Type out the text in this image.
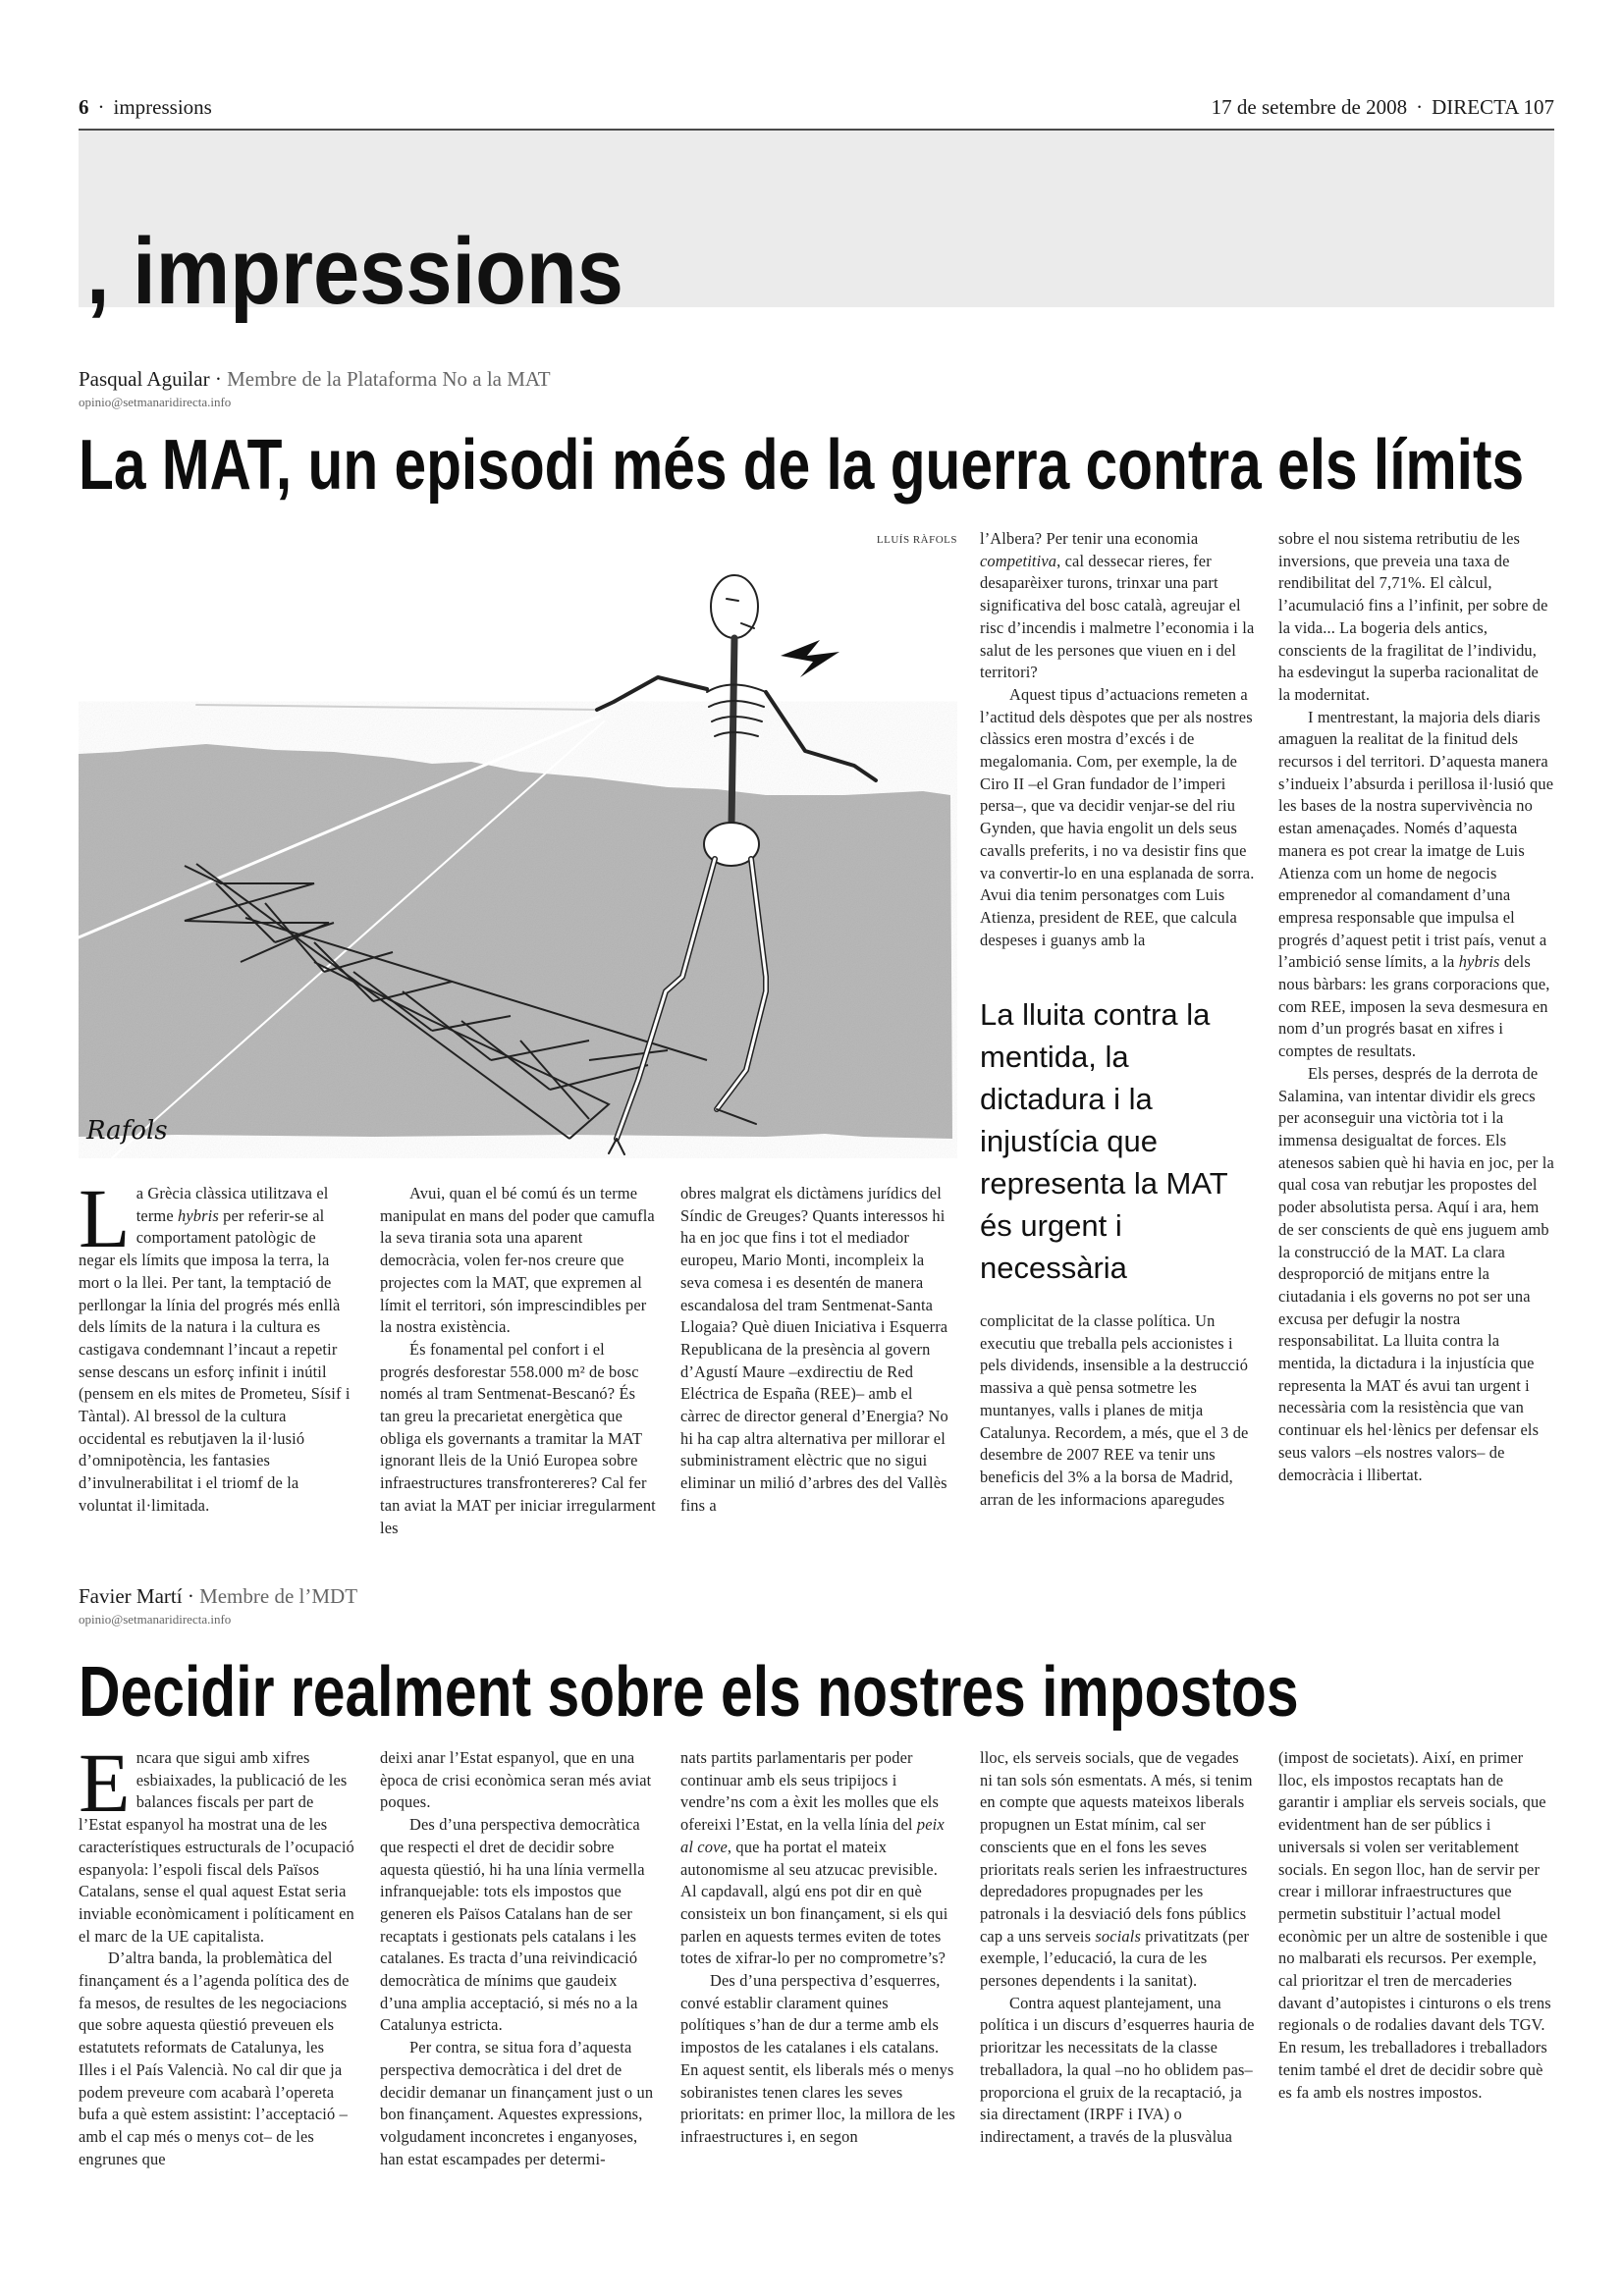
6 · impressions	17 de setembre de 2008 · DIRECTA 107
, impressions
Pasqual Aguilar · Membre de la Plataforma No a la MAT
opinio@setmanaridirecta.info
La MAT, un episodi més de la guerra contra els límits
LLUÍS RÀFOLS
Rafols

La Grècia clàssica utilitzava el terme hybris per referir-se al comportament patològic de negar els límits que imposa la terra, la mort o la llei. Per tant, la temptació de perllongar la línia del progrés més enllà dels límits de la natura i la cultura es castigava condemnant l’incaut a repetir sense descans un esforç infinit i inútil (pensem en els mites de Prometeu, Sísif i Tàntal). Al bressol de la cultura occidental es rebutjaven la il·lusió d’omnipotència, les fantasies d’invulnerabilitat i el triomf de la voluntat il·limitada.

Avui, quan el bé comú és un terme manipulat en mans del poder que camufla la seva tirania sota una aparent democràcia, volen fer-nos creure que projectes com la MAT, que expremen al límit el territori, són imprescindibles per la nostra existència.

És fonamental pel confort i el progrés desforestar 558.000 m² de bosc només al tram Sentmenat-Bescanó? És tan greu la precarietat energètica que obliga els governants a tramitar la MAT ignorant lleis de la Unió Europea sobre infraestructures transfrontereres? Cal fer tan aviat la MAT per iniciar irregularment les

obres malgrat els dictàmens jurídics del Síndic de Greuges? Quants interessos hi ha en joc que fins i tot el mediador europeu, Mario Monti, incompleix la seva comesa i es desentén de manera escandalosa del tram Sentmenat-Santa Llogaia? Què diuen Iniciativa i Esquerra Republicana de la presència al govern d’Agustí Maure –exdirectiu de Red Eléctrica de España (REE)– amb el càrrec de director general d’Energia? No hi ha cap altra alternativa per millorar el subministrament elèctric que no sigui eliminar un milió d’arbres des del Vallès fins a

l’Albera? Per tenir una economia competitiva, cal dessecar rieres, fer desaparèixer turons, trinxar una part significativa del bosc català, agreujar el risc d’incendis i malmetre l’economia i la salut de les persones que viuen en i del territori?

Aquest tipus d’actuacions remeten a l’actitud dels dèspotes que per als nostres clàssics eren mostra d’excés i de megalomania. Com, per exemple, la de Ciro II –el Gran fundador de l’imperi persa–, que va decidir venjar-se del riu Gynden, que havia engolit un dels seus cavalls preferits, i no va desistir fins que va convertir-lo en una esplanada de sorra. Avui dia tenim personatges com Luis Atienza, president de REE, que calcula despeses i guanys amb la

La lluita contra la mentida, la dictadura i la injustícia que representa la MAT és urgent i necessària

complicitat de la classe política. Un executiu que treballa pels accionistes i pels dividends, insensible a la destrucció massiva a què pensa sotmetre les muntanyes, valls i planes de mitja Catalunya. Recordem, a més, que el 3 de desembre de 2007 REE va tenir uns beneficis del 3% a la borsa de Madrid, arran de les informacions aparegudes

sobre el nou sistema retributiu de les inversions, que preveia una taxa de rendibilitat del 7,71%. El càlcul, l’acumulació fins a l’infinit, per sobre de la vida... La bogeria dels antics, conscients de la fragilitat de l’individu, ha esdevingut la superba racionalitat de la modernitat.

I mentrestant, la majoria dels diaris amaguen la realitat de la finitud dels recursos i del territori. D’aquesta manera s’indueix l’absurda i perillosa il·lusió que les bases de la nostra supervivència no estan amenaçades. Només d’aquesta manera es pot crear la imatge de Luis Atienza com un home de negocis emprenedor al comandament d’una empresa responsable que impulsa el progrés d’aquest petit i trist país, venut a l’ambició sense límits, a la hybris dels nous bàrbars: les grans corporacions que, com REE, imposen la seva desmesura en nom d’un progrés basat en xifres i comptes de resultats.

Els perses, després de la derrota de Salamina, van intentar dividir els grecs per aconseguir una victòria tot i la immensa desigualtat de forces. Els atenesos sabien què hi havia en joc, per la qual cosa van rebutjar les propostes del poder absolutista persa. Aquí i ara, hem de ser conscients de què ens juguem amb la construcció de la MAT. La clara desproporció de mitjans entre la ciutadania i els governs no pot ser una excusa per defugir la nostra responsabilitat. La lluita contra la mentida, la dictadura i la injustícia que representa la MAT és avui tan urgent i necessària com la resistència que van continuar els hel·lènics per defensar els seus valors –els nostres valors– de democràcia i llibertat.

Favier Martí · Membre de l’MDT
opinio@setmanaridirecta.info
Decidir realment sobre els nostres impostos

Encara que sigui amb xifres esbiaixades, la publicació de les balances fiscals per part de l’Estat espanyol ha mostrat una de les característiques estructurals de l’ocupació espanyola: l’espoli fiscal dels Països Catalans, sense el qual aquest Estat seria inviable econòmicament i políticament en el marc de la UE capitalista.

D’altra banda, la problemàtica del finançament és a l’agenda política des de fa mesos, de resultes de les negociacions que sobre aquesta qüestió preveuen els estatutets reformats de Catalunya, les Illes i el País Valencià. No cal dir que ja podem preveure com acabarà l’opereta bufa a què estem assistint: l’acceptació –amb el cap més o menys cot– de les engrunes que

deixi anar l’Estat espanyol, que en una època de crisi econòmica seran més aviat poques.

Des d’una perspectiva democràtica que respecti el dret de decidir sobre aquesta qüestió, hi ha una línia vermella infranquejable: tots els impostos que generen els Països Catalans han de ser recaptats i gestionats pels catalans i les catalanes. Es tracta d’una reivindicació democràtica de mínims que gaudeix d’una amplia acceptació, si més no a la Catalunya estricta.

Per contra, se situa fora d’aquesta perspectiva democràtica i del dret de decidir demanar un finançament just o un bon finançament. Aquestes expressions, volgudament inconcretes i enganyoses, han estat escampades per determi-

nats partits parlamentaris per poder continuar amb els seus tripijocs i vendre’ns com a èxit les molles que els ofereixi l’Estat, en la vella línia del peix al cove, que ha portat el mateix autonomisme al seu atzucac previsible. Al capdavall, algú ens pot dir en què consisteix un bon finançament, si els qui parlen en aquests termes eviten de totes totes de xifrar-lo per no comprometre’s?

Des d’una perspectiva d’esquerres, convé establir clarament quines polítiques s’han de dur a terme amb els impostos de les catalanes i els catalans. En aquest sentit, els liberals més o menys sobiranistes tenen clares les seves prioritats: en primer lloc, la millora de les infraestructures i, en segon

lloc, els serveis socials, que de vegades ni tan sols són esmentats. A més, si tenim en compte que aquests mateixos liberals propugnen un Estat mínim, cal ser conscients que en el fons les seves prioritats reals serien les infraestructures depredadores propugnades per les patronals i la desviació dels fons públics cap a uns serveis socials privatitzats (per exemple, l’educació, la cura de les persones dependents i la sanitat).

Contra aquest plantejament, una política i un discurs d’esquerres hauria de prioritzar les necessitats de la classe treballadora, la qual –no ho oblidem pas– proporciona el gruix de la recaptació, ja sia directament (IRPF i IVA) o indirectament, a través de la plusvàlua

(impost de societats). Així, en primer lloc, els impostos recaptats han de garantir i ampliar els serveis socials, que evidentment han de ser públics i universals si volen ser veritablement socials. En segon lloc, han de servir per crear i millorar infraestructures que permetin substituir l’actual model econòmic per un altre de sostenible i que no malbarati els recursos. Per exemple, cal prioritzar el tren de mercaderies davant d’autopistes i cinturons o els trens regionals o de rodalies davant dels TGV. En resum, les treballadores i treballadors tenim també el dret de decidir sobre què es fa amb els nostres impostos.
